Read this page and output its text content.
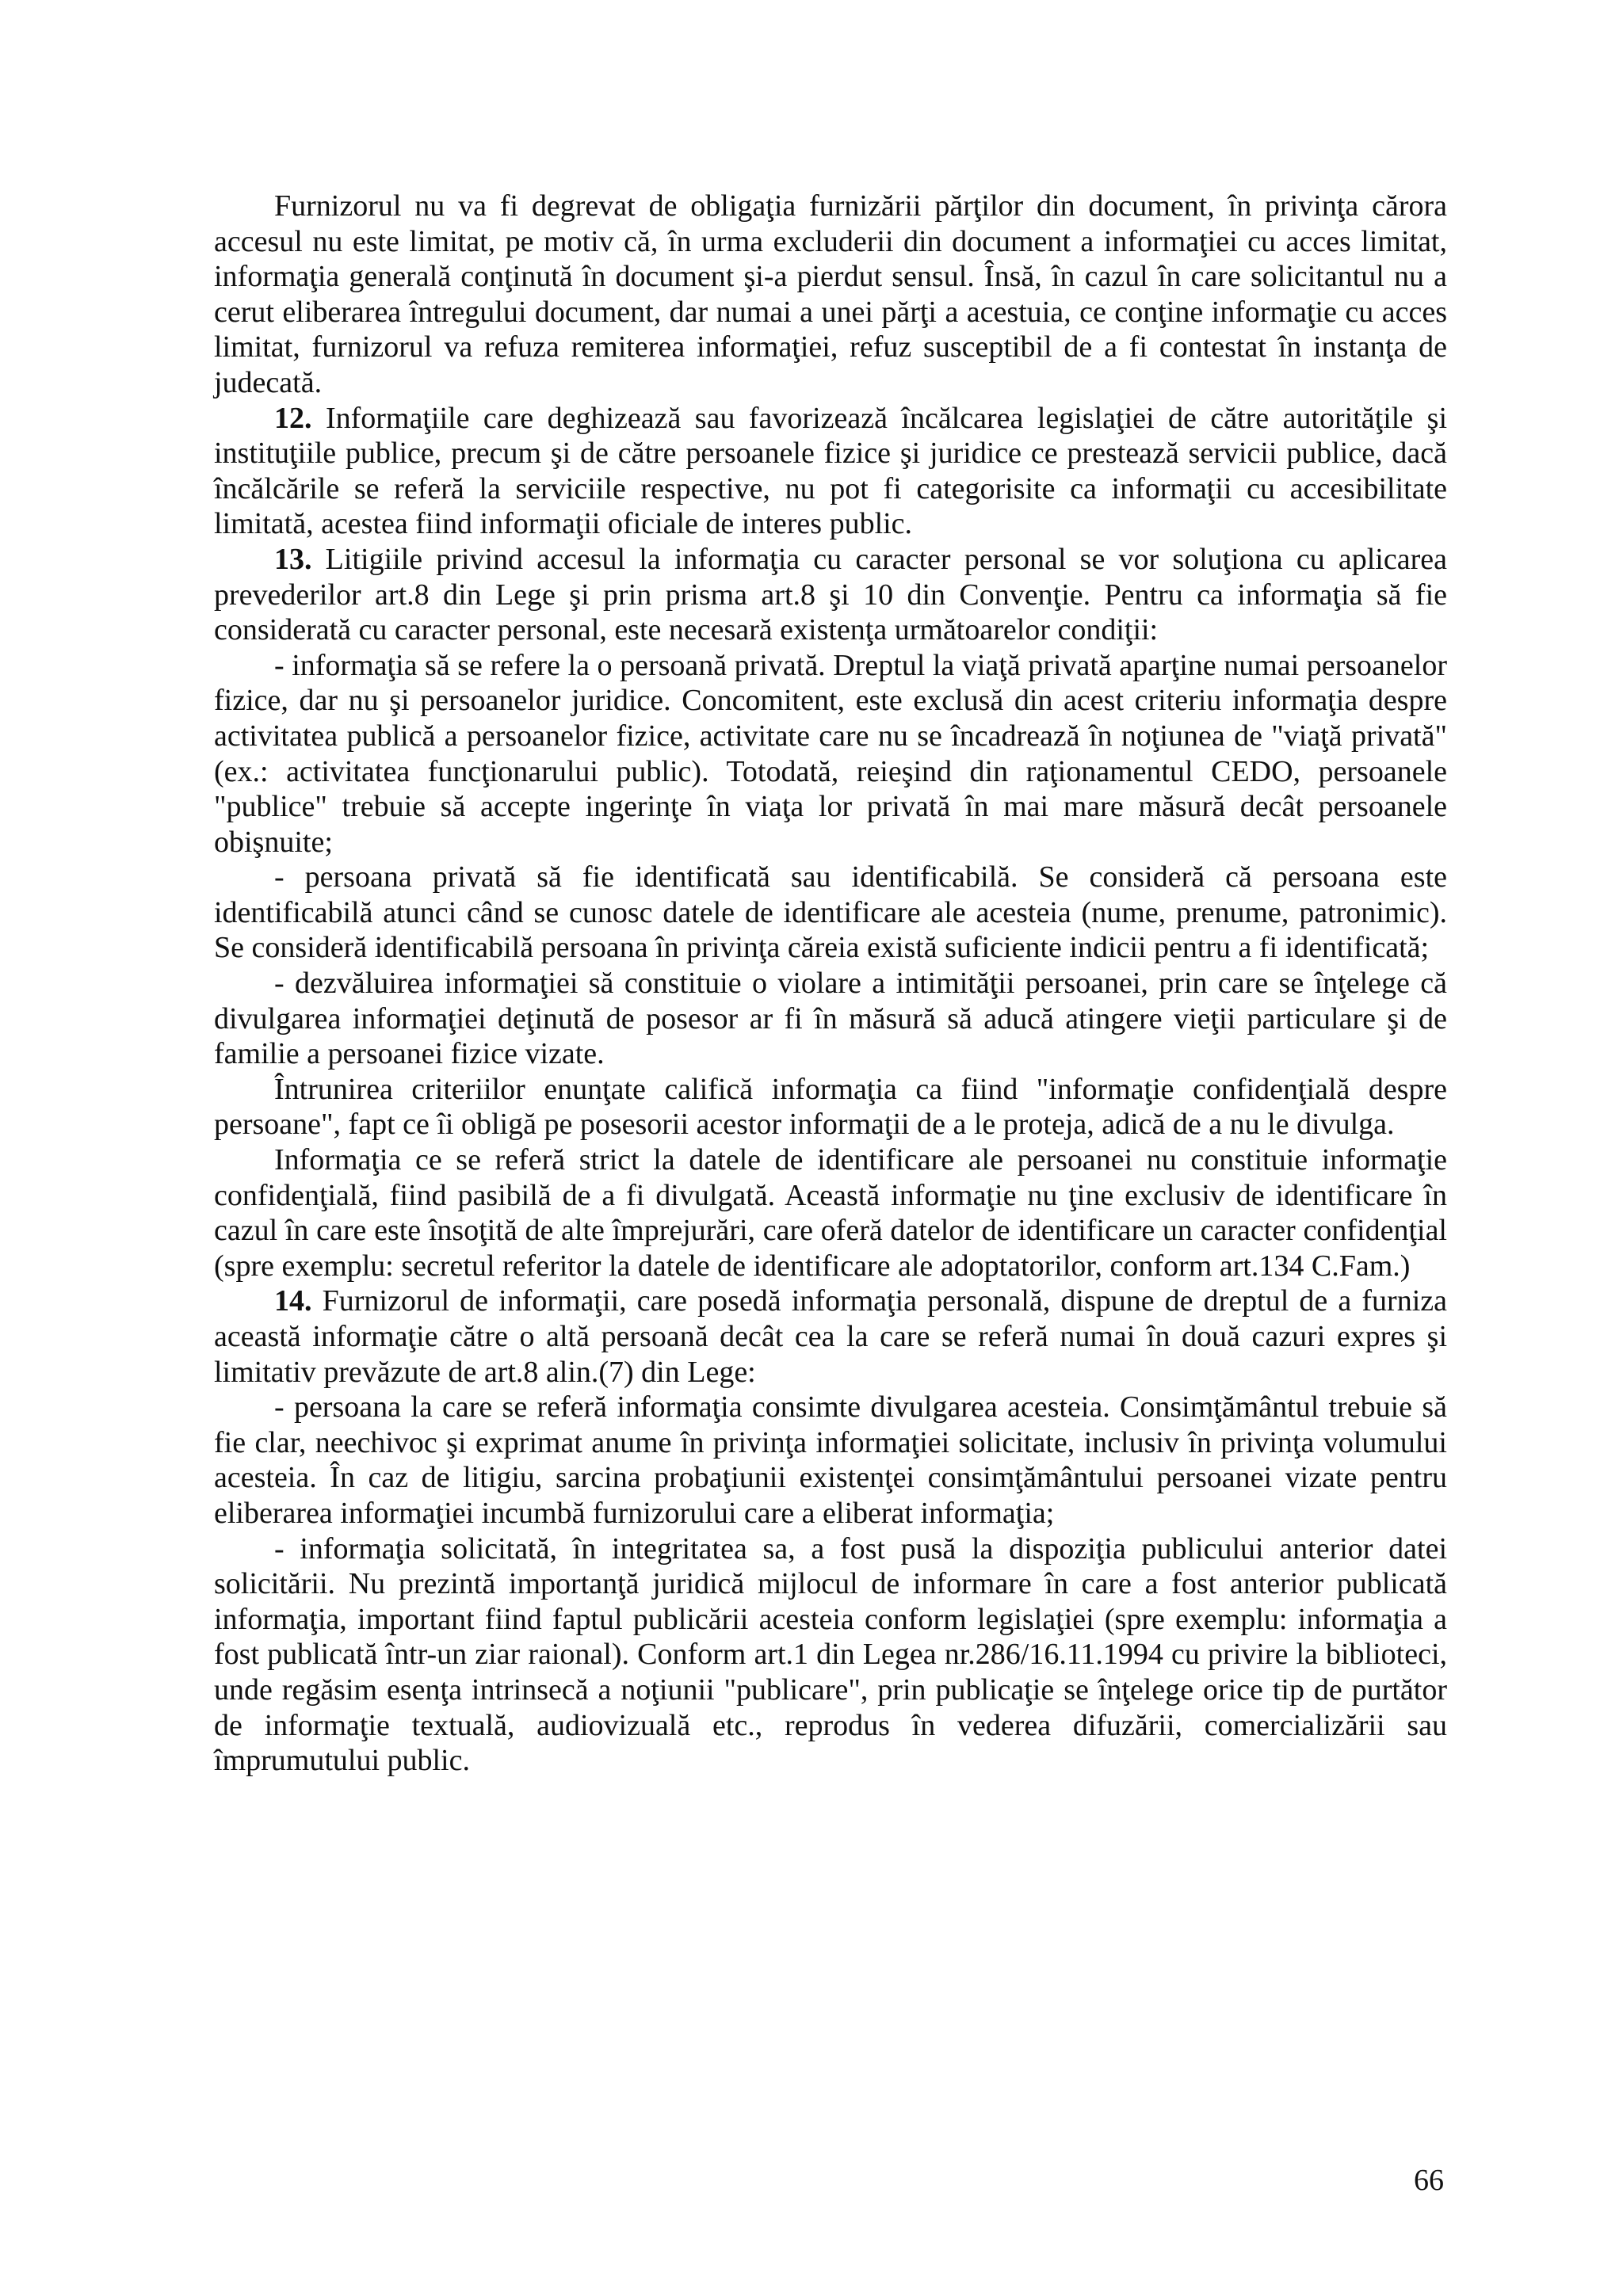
Furnizorul nu va fi degrevat de obligaţia furnizării părţilor din document, în privinţa cărora accesul nu este limitat, pe motiv că, în urma excluderii din document a informaţiei cu acces limitat, informaţia generală conţinută în document şi-a pierdut sensul. Însă, în cazul în care solicitantul nu a cerut eliberarea întregului document, dar numai a unei părţi a acestuia, ce conţine informaţie cu acces limitat, furnizorul va refuza remiterea informaţiei, refuz susceptibil de a fi contestat în instanţa de judecată.

12. Informaţiile care deghizează sau favorizează încălcarea legislaţiei de către autorităţile şi instituţiile publice, precum şi de către persoanele fizice şi juridice ce prestează servicii publice, dacă încălcările se referă la serviciile respective, nu pot fi categorisite ca informaţii cu accesibilitate limitată, acestea fiind informaţii oficiale de interes public.

13. Litigiile privind accesul la informaţia cu caracter personal se vor soluţiona cu aplicarea prevederilor art.8 din Lege şi prin prisma art.8 şi 10 din Convenţie. Pentru ca informaţia să fie considerată cu caracter personal, este necesară existenţa următoarelor condiţii:

- informaţia să se refere la o persoană privată. Dreptul la viaţă privată aparţine numai persoanelor fizice, dar nu şi persoanelor juridice. Concomitent, este exclusă din acest criteriu informaţia despre activitatea publică a persoanelor fizice, activitate care nu se încadrează în noţiunea de "viaţă privată" (ex.: activitatea funcţionarului public). Totodată, reieşind din raţionamentul CEDO, persoanele "publice" trebuie să accepte ingerinţe în viaţa lor privată în mai mare măsură decât persoanele obişnuite;

- persoana privată să fie identificată sau identificabilă. Se consideră că persoana este identificabilă atunci când se cunosc datele de identificare ale acesteia (nume, prenume, patronimic). Se consideră identificabilă persoana în privinţa căreia există suficiente indicii pentru a fi identificată;

- dezvăluirea informaţiei să constituie o violare a intimităţii persoanei, prin care se înţelege că divulgarea informaţiei deţinută de posesor ar fi în măsură să aducă atingere vieţii particulare şi de familie a persoanei fizice vizate.

Întrunirea criteriilor enunţate califică informaţia ca fiind "informaţie confidenţială despre persoane", fapt ce îi obligă pe posesorii acestor informaţii de a le proteja, adică de a nu le divulga.

Informaţia ce se referă strict la datele de identificare ale persoanei nu constituie informaţie confidenţială, fiind pasibilă de a fi divulgată. Această informaţie nu ţine exclusiv de identificare în cazul în care este însoţită de alte împrejurări, care oferă datelor de identificare un caracter confidenţial (spre exemplu: secretul referitor la datele de identificare ale adoptatorilor, conform art.134 C.Fam.)

14. Furnizorul de informaţii, care posedă informaţia personală, dispune de dreptul de a furniza această informaţie către o altă persoană decât cea la care se referă numai în două cazuri expres şi limitativ prevăzute de art.8 alin.(7) din Lege:

- persoana la care se referă informaţia consimte divulgarea acesteia. Consimţământul trebuie să fie clar, neechivoc şi exprimat anume în privinţa informaţiei solicitate, inclusiv în privinţa volumului acesteia. În caz de litigiu, sarcina probaţiunii existenţei consimţământului persoanei vizate pentru eliberarea informaţiei incumbă furnizorului care a eliberat informaţia;

- informaţia solicitată, în integritatea sa, a fost pusă la dispoziţia publicului anterior datei solicitării. Nu prezintă importanţă juridică mijlocul de informare în care a fost anterior publicată informaţia, important fiind faptul publicării acesteia conform legislaţiei (spre exemplu: informaţia a fost publicată într-un ziar raional). Conform art.1 din Legea nr.286/16.11.1994 cu privire la biblioteci, unde regăsim esenţa intrinsecă a noţiunii "publicare", prin publicaţie se înţelege orice tip de purtător de informaţie textuală, audiovizuală etc., reprodus în vederea difuzării, comercializării sau împrumutului public.

66
